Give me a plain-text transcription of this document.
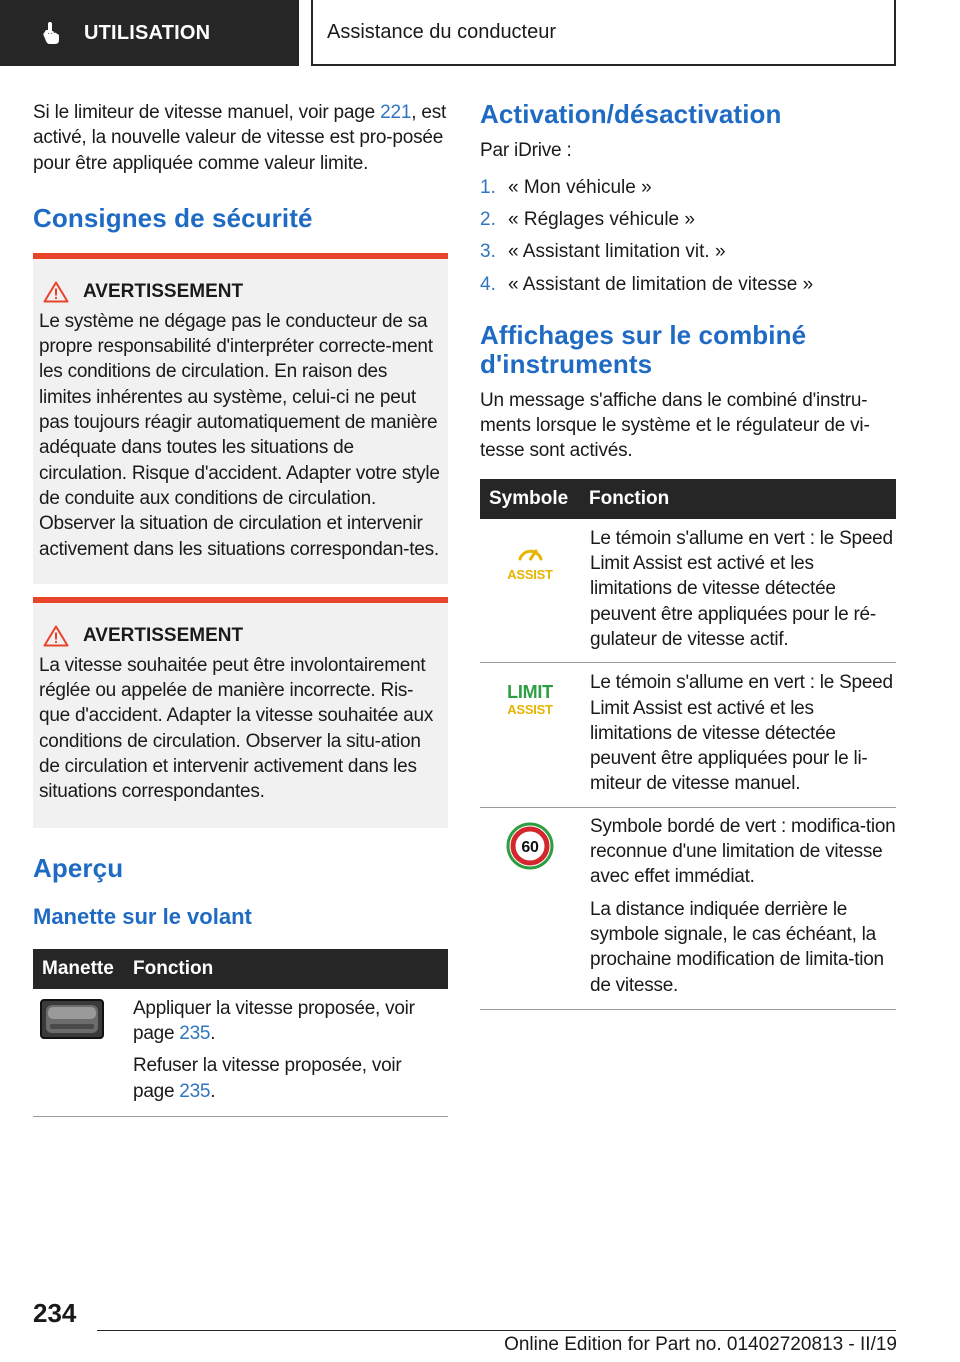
UTILISATION	Assistance du conducteur

Si le limiteur de vitesse manuel, voir page 221, est activé, la nouvelle valeur de vitesse est pro-posée pour être appliquée comme valeur limite.

Consignes de sécurité
AVERTISSEMENT

Le système ne dégage pas le conducteur de sa propre responsabilité d'interpréter correcte-ment les conditions de circulation. En raison des limites inhérentes au système, celui-ci ne peut pas toujours réagir automatiquement de manière adéquate dans toutes les situations de circulation. Risque d'accident. Adapter votre style de conduite aux conditions de circulation. Observer la situation de circulation et intervenir activement dans les situations correspondan-tes.

AVERTISSEMENT

La vitesse souhaitée peut être involontairement réglée ou appelée de manière incorrecte. Ris-que d'accident. Adapter la vitesse souhaitée aux conditions de circulation. Observer la situ-ation de circulation et intervenir activement dans les situations correspondantes.

Aperçu
Manette sur le volant
Manette	Fonction

Appliquer la vitesse proposée, voir page 235.

Refuser la vitesse proposée, voir page 235.

Activation/désactivation

Par iDrive :

1. « Mon véhicule »
2. « Réglages véhicule »
3. « Assistant limitation vit. »
4. « Assistant de limitation de vitesse »
Affichages sur le combiné d'instruments

Un message s'affiche dans le combiné d'instru-ments lorsque le système et le régulateur de vi-tesse sont activés.

Symbole	Fonction

ASSIST	Le témoin s'allume en vert : le Speed Limit Assist est activé et les limitations de vitesse détectée peuvent être appliquées pour le ré-gulateur de vitesse actif.

LIMIT
ASSIST	Le témoin s'allume en vert : le Speed Limit Assist est activé et les limitations de vitesse détectée peuvent être appliquées pour le li-miteur de vitesse manuel.

60	Symbole bordé de vert : modifica-tion reconnue d'une limitation de vitesse avec effet immédiat.

La distance indiquée derrière le symbole signale, le cas échéant, la prochaine modification de limita-tion de vitesse.

234
Online Edition for Part no. 01402720813 - II/19
